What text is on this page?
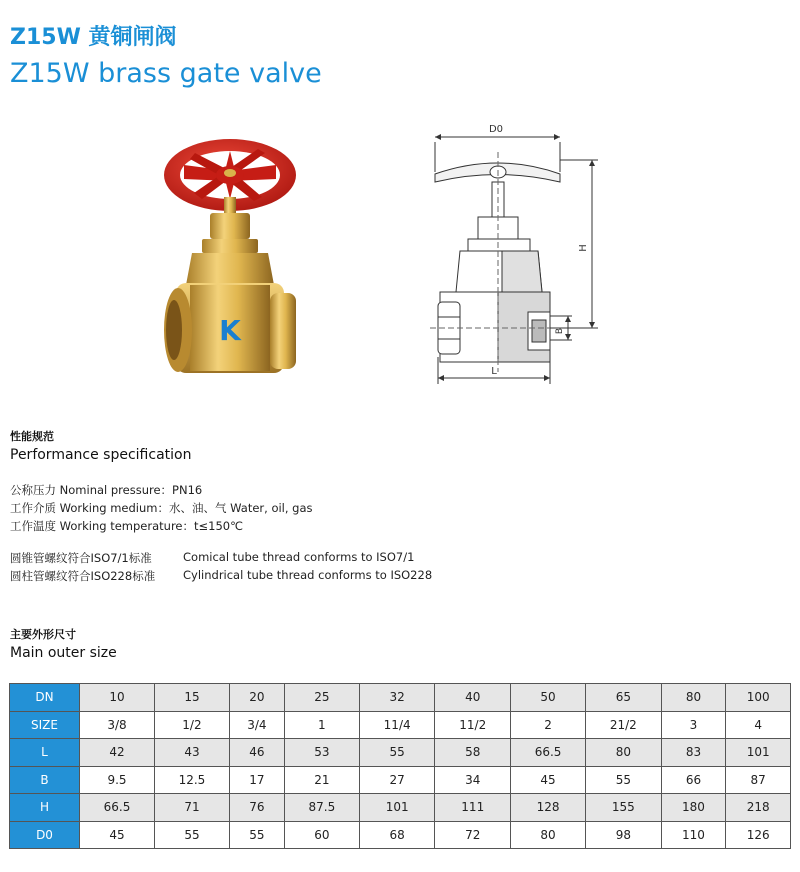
Z15W 黄铜闸阀
Z15W brass gate valve
K
D0
H
B
L
性能规范
Performance specification
公称压力 Nominal pressure：PN16
工作介质 Working medium：水、油、气 Water, oil, gas
工作温度 Working temperature：t≤150℃
圆锥管螺纹符合ISO7/1标准	Comical tube thread conforms to ISO7/1
圆柱管螺纹符合ISO228标准 Cylindrical tube thread conforms to ISO228
主要外形尺寸
Main outer size
DN	10	15	20	25	32	40	50	65	80	100
SIZE	3/8	1/2	3/4	1	11/4	11/2	2	21/2	3	4
L	42	43	46	53	55	58	66.5	80	83	101
B	9.5	12.5	17	21	27	34	45	55	66	87
H	66.5	71	76	87.5	101	111	128	155	180	218
D0	45	55	55	60	68	72	80	98	110	126
